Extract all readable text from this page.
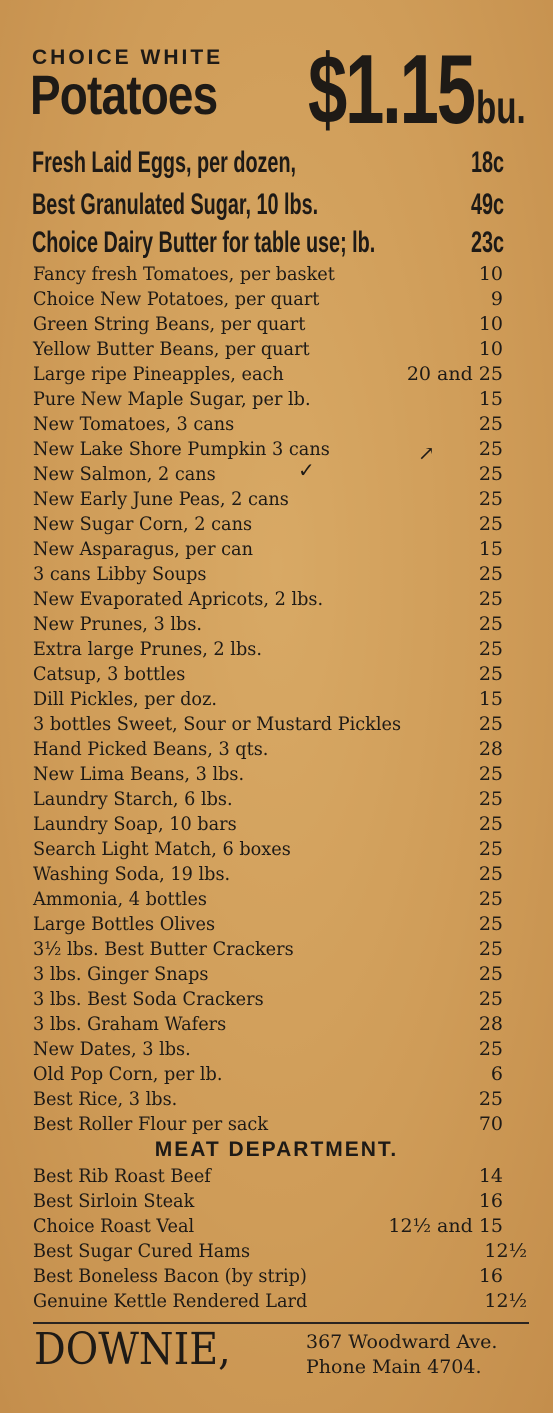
CHOICE WHITE
Potatoes $1.15 bu.
Fresh Laid Eggs, per dozen,	18c
Best Granulated Sugar, 10 lbs.	49c
Choice Dairy Butter for table use; lb.	23c
Fancy fresh Tomatoes, per basket	10
Choice New Potatoes, per quart	9
Green String Beans, per quart	10
Yellow Butter Beans, per quart	10
Large ripe Pineapples, each	20 and 25
Pure New Maple Sugar, per lb.	15
New Tomatoes, 3 cans	25
New Lake Shore Pumpkin 3 cans	25
New Salmon, 2 cans	25
New Early June Peas, 2 cans	25
New Sugar Corn, 2 cans	25
New Asparagus, per can	15
3 cans Libby Soups	25
New Evaporated Apricots, 2 lbs.	25
New Prunes, 3 lbs.	25
Extra large Prunes, 2 lbs.	25
Catsup, 3 bottles	25
Dill Pickles, per doz.	15
3 bottles Sweet, Sour or Mustard Pickles	25
Hand Picked Beans, 3 qts.	28
New Lima Beans, 3 lbs.	25
Laundry Starch, 6 lbs.	25
Laundry Soap, 10 bars	25
Search Light Match, 6 boxes	25
Washing Soda, 19 lbs.	25
Ammonia, 4 bottles	25
Large Bottles Olives	25
3½ lbs. Best Butter Crackers	25
3 lbs. Ginger Snaps	25
3 lbs. Best Soda Crackers	25
3 lbs. Graham Wafers	28
New Dates, 3 lbs.	25
Old Pop Corn, per lb.	6
Best Rice, 3 lbs.	25
Best Roller Flour per sack	70
MEAT DEPARTMENT.
Best Rib Roast Beef	14
Best Sirloin Steak	16
Choice Roast Veal	12½ and 15
Best Sugar Cured Hams	12½
Best Boneless Bacon (by strip)	16
Genuine Kettle Rendered Lard	12½
DOWNIE,	367 Woodward Ave.
Phone Main 4704.
↗
✓
